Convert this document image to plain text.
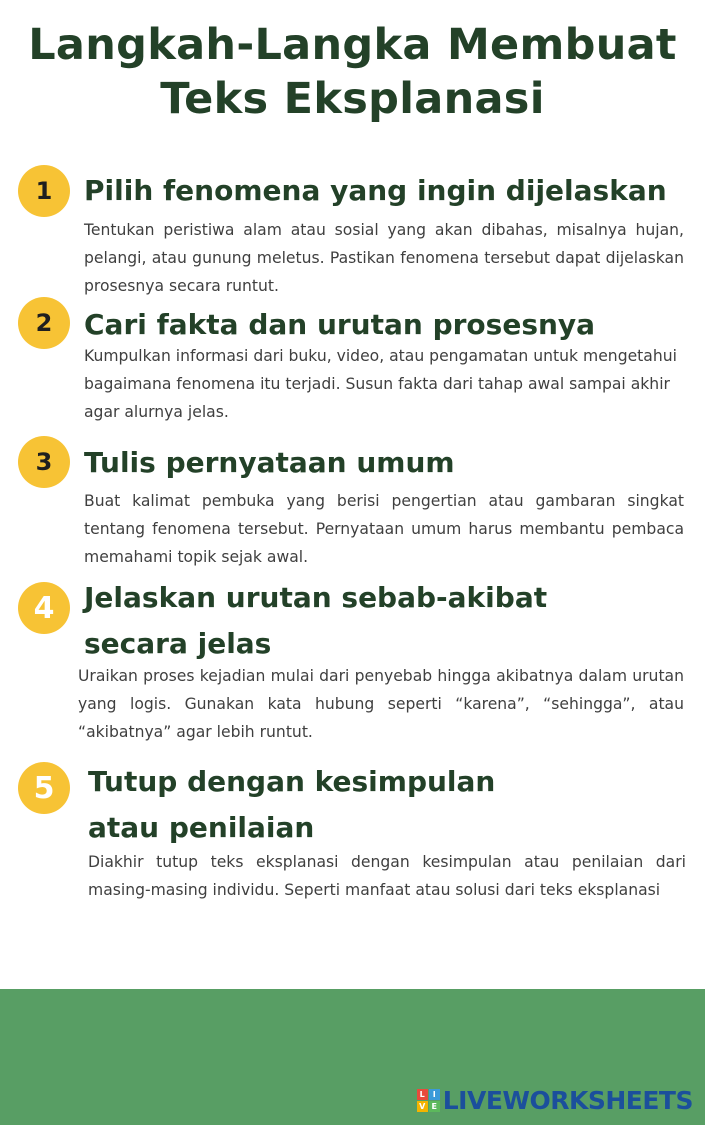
Langkah-Langka Membuat
Teks Eksplanasi
1	Pilih fenomena yang ingin dijelaskan
Tentukan peristiwa alam atau sosial yang akan dibahas, misalnya hujan, pelangi, atau gunung meletus. Pastikan fenomena tersebut dapat dijelaskan prosesnya secara runtut.
2	Cari fakta dan urutan prosesnya
Kumpulkan informasi dari buku, video, atau pengamatan untuk mengetahui bagaimana fenomena itu terjadi. Susun fakta dari tahap awal sampai akhir agar alurnya jelas.
3	Tulis pernyataan umum
Buat kalimat pembuka yang berisi pengertian atau gambaran singkat tentang fenomena tersebut. Pernyataan umum harus membantu pembaca memahami topik sejak awal.
4	Jelaskan urutan sebab-akibat
secara jelas
Uraikan proses kejadian mulai dari penyebab hingga akibatnya dalam urutan yang logis. Gunakan kata hubung seperti “karena”, “sehingga”, atau “akibatnya” agar lebih runtut.
5	Tutup dengan kesimpulan
atau penilaian
Diakhir tutup teks eksplanasi dengan kesimpulan atau penilaian dari masing-masing individu. Seperti manfaat atau solusi dari teks eksplanasi
L I
V E LIVEWORKSHEETS
